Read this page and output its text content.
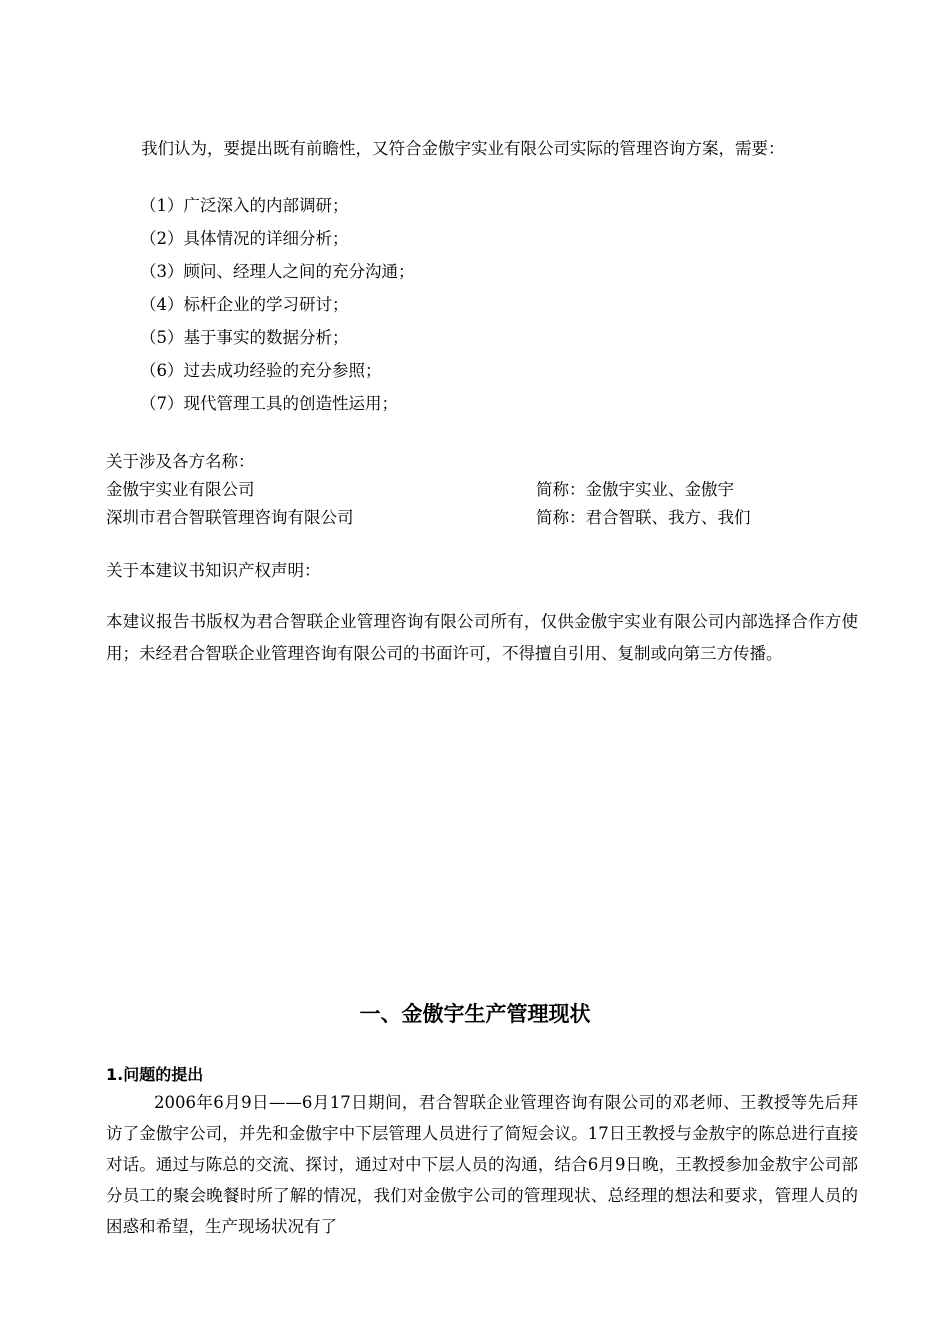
我们认为，要提出既有前瞻性，又符合金傲宇实业有限公司实际的管理咨询方案，需要：
（1）广泛深入的内部调研；
（2）具体情况的详细分析；
（3）顾问、经理人之间的充分沟通；
（4）标杆企业的学习研讨；
（5）基于事实的数据分析；
（6）过去成功经验的充分参照；
（7）现代管理工具的创造性运用；
关于涉及各方名称：
金傲宇实业有限公司	简称：金傲宇实业、金傲宇
深圳市君合智联管理咨询有限公司	简称：君合智联、我方、我们
关于本建议书知识产权声明：
本建议报告书版权为君合智联企业管理咨询有限公司所有，仅供金傲宇实业有限公司内部选择合作方使用；未经君合智联企业管理咨询有限公司的书面许可，不得擅自引用、复制或向第三方传播。
一、金傲宇生产管理现状
1.问题的提出
2006年6月9日——6月17日期间，君合智联企业管理咨询有限公司的邓老师、王教授等先后拜访了金傲宇公司，并先和金傲宇中下层管理人员进行了简短会议。17日王教授与金敖宇的陈总进行直接对话。通过与陈总的交流、探讨，通过对中下层人员的沟通，结合6月9日晚，王教授参加金敖宇公司部分员工的聚会晚餐时所了解的情况，我们对金傲宇公司的管理现状、总经理的想法和要求，管理人员的困惑和希望，生产现场状况有了
